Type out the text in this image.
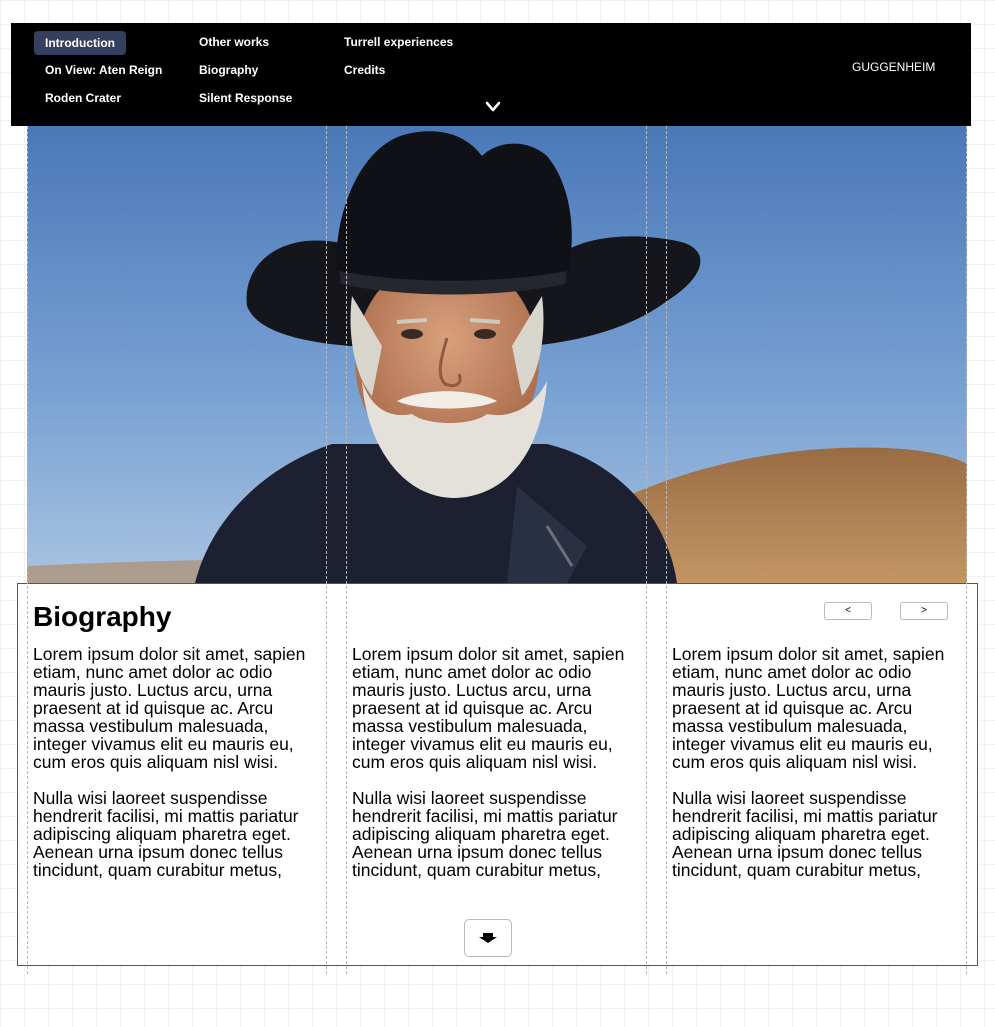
Introduction
On View: Aten Reign
Roden Crater
Other works
Biography
Silent Response
Turrell experiences
Credits	GUGGENHEIM
Biography	<	>

Lorem ipsum dolor sit amet, sapien etiam, nunc amet dolor ac odio mauris justo. Luctus arcu, urna praesent at id quisque ac. Arcu massa vestibulum malesuada, integer vivamus elit eu mauris eu, cum eros quis aliquam nisl wisi.

Nulla wisi laoreet suspendisse hendrerit facilisi, mi mattis pariatur adipiscing aliquam pharetra eget. Aenean urna ipsum donec tellus tincidunt, quam curabitur metus,

Lorem ipsum dolor sit amet, sapien etiam, nunc amet dolor ac odio mauris justo. Luctus arcu, urna praesent at id quisque ac. Arcu massa vestibulum malesuada, integer vivamus elit eu mauris eu, cum eros quis aliquam nisl wisi.

Nulla wisi laoreet suspendisse hendrerit facilisi, mi mattis pariatur adipiscing aliquam pharetra eget. Aenean urna ipsum donec tellus tincidunt, quam curabitur metus,

Lorem ipsum dolor sit amet, sapien etiam, nunc amet dolor ac odio mauris justo. Luctus arcu, urna praesent at id quisque ac. Arcu massa vestibulum malesuada, integer vivamus elit eu mauris eu, cum eros quis aliquam nisl wisi.

Nulla wisi laoreet suspendisse hendrerit facilisi, mi mattis pariatur adipiscing aliquam pharetra eget. Aenean urna ipsum donec tellus tincidunt, quam curabitur metus,
